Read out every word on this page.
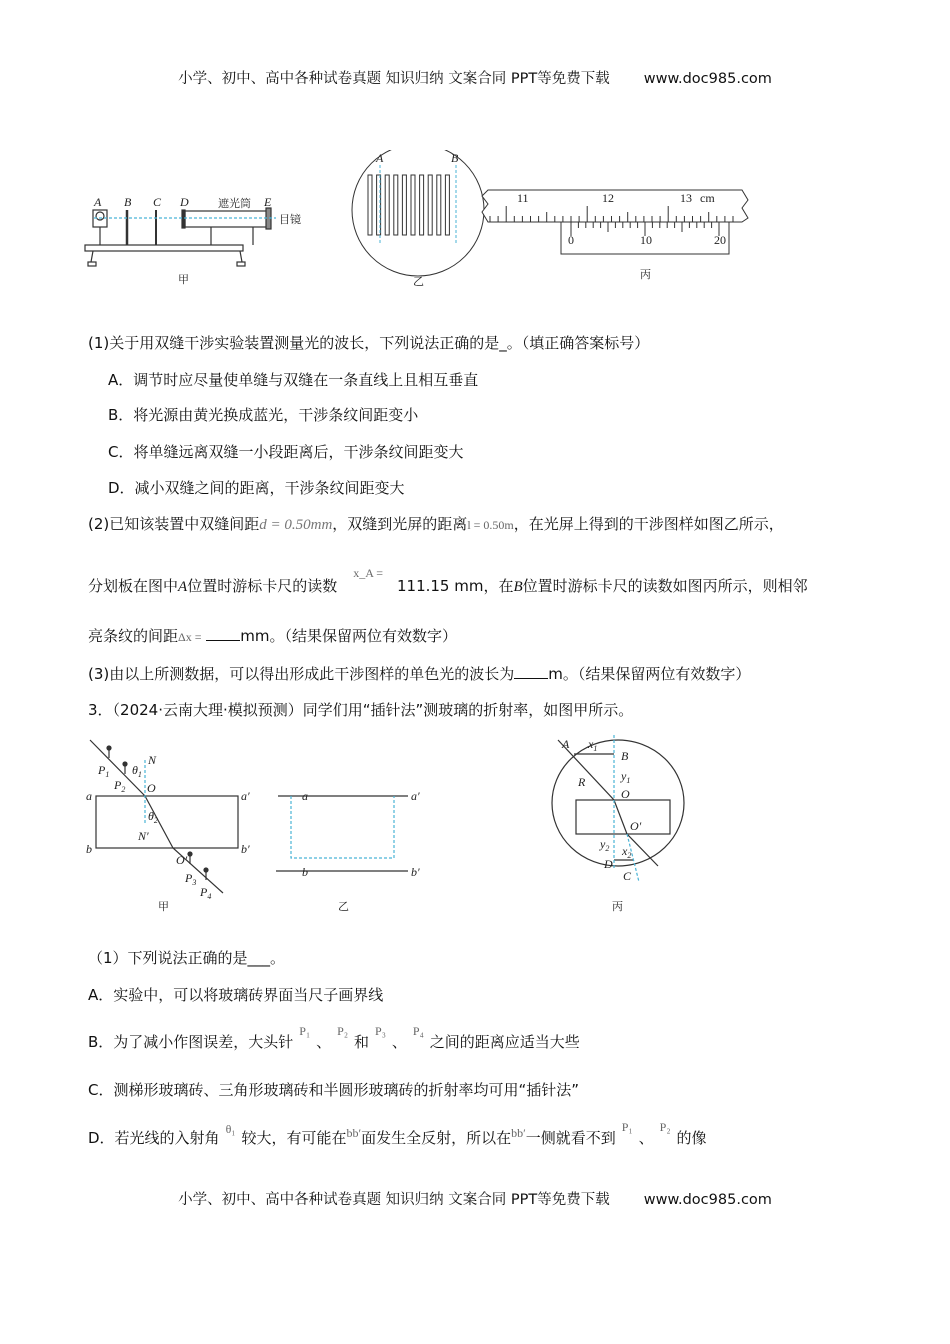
小学、初中、高中各种试卷真题 知识归纳 文案合同 PPT等免费下载 www.doc985.com
A B C D	E
遮光筒
目镜
甲
A	B
乙
11	12	13 cm
0	10	20
丙
(1)关于用双缝干涉实验装置测量光的波长，下列说法正确的是_。（填正确答案标号）
A．调节时应尽量使单缝与双缝在一条直线上且相互垂直
B．将光源由黄光换成蓝光，干涉条纹间距变小
C．将单缝远离双缝一小段距离后，干涉条纹间距变大
D．减小双缝之间的距离，干涉条纹间距变大
(2)已知该装置中双缝间距d = 0.50mm，双缝到光屏的距离l = 0.50m，在光屏上得到的干涉图样如图乙所示，
分划板在图中A位置时游标卡尺的读数$^{x\_A =}$111.15 mm，在B位置时游标卡尺的读数如图丙所示，则相邻
亮条纹的间距Δx =	mm。（结果保留两位有效数字）
(3)由以上所测数据，可以得出形成此干涉图样的单色光的波长为 m。（结果保留两位有效数字）
3．（2024·云南大理·模拟预测）同学们用“插针法”测玻璃的折射率，如图甲所示。
$P_1$
$P_2$
N
$\theta_1$
O
$\theta_2$
N′
O′
$P_3$
$P_4$
a	a′
b	b′
a	a′
b	b′
A $x_1$
B
$y_1$
R
O
O′
$y_2$ $x_2$
D
C
甲	乙	丙
（1）下列说法正确的是___。
A．实验中，可以将玻璃砖界面当尺子画界线
B．为了减小作图误差，大头针$^{P_1}$、$^{P_2}$和$^{P_3}$、$^{P_4}$之间的距离应适当大些
C．测梯形玻璃砖、三角形玻璃砖和半圆形玻璃砖的折射率均可用“插针法”
D．若光线的入射角 $^{\theta_1}$ 较大，有可能在$^{bb'}$面发生全反射，所以在$^{bb'}$一侧就看不到$^{P_1}$、$^{P_2}$的像
小学、初中、高中各种试卷真题 知识归纳 文案合同 PPT等免费下载 www.doc985.com
